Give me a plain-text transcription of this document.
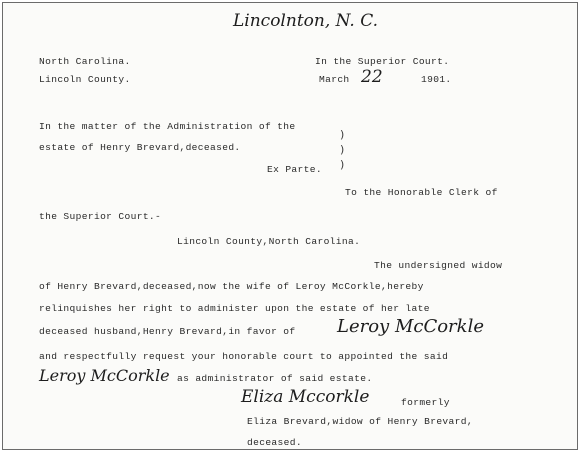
Lincolnton, N. C.
North Carolina.	In the Superior Court.
Lincoln County.	March 22	1901.
In the matter of the Administration of the
estate of Henry Brevard,deceased.
Ex Parte.
)
)
)
To the Honorable Clerk of
the Superior Court.-
Lincoln County,North Carolina.
The undersigned widow
of Henry Brevard,deceased,now the wife of Leroy McCorkle,hereby
relinquishes her right to administer upon the estate of her late
deceased husband,Henry Brevard,in favor of Leroy McCorkle
and respectfully request your honorable court to appointed the said
Leroy McCorkle as administrator of said estate.
Eliza Mccorkle	formerly
Eliza Brevard,widow of Henry Brevard,
deceased.
